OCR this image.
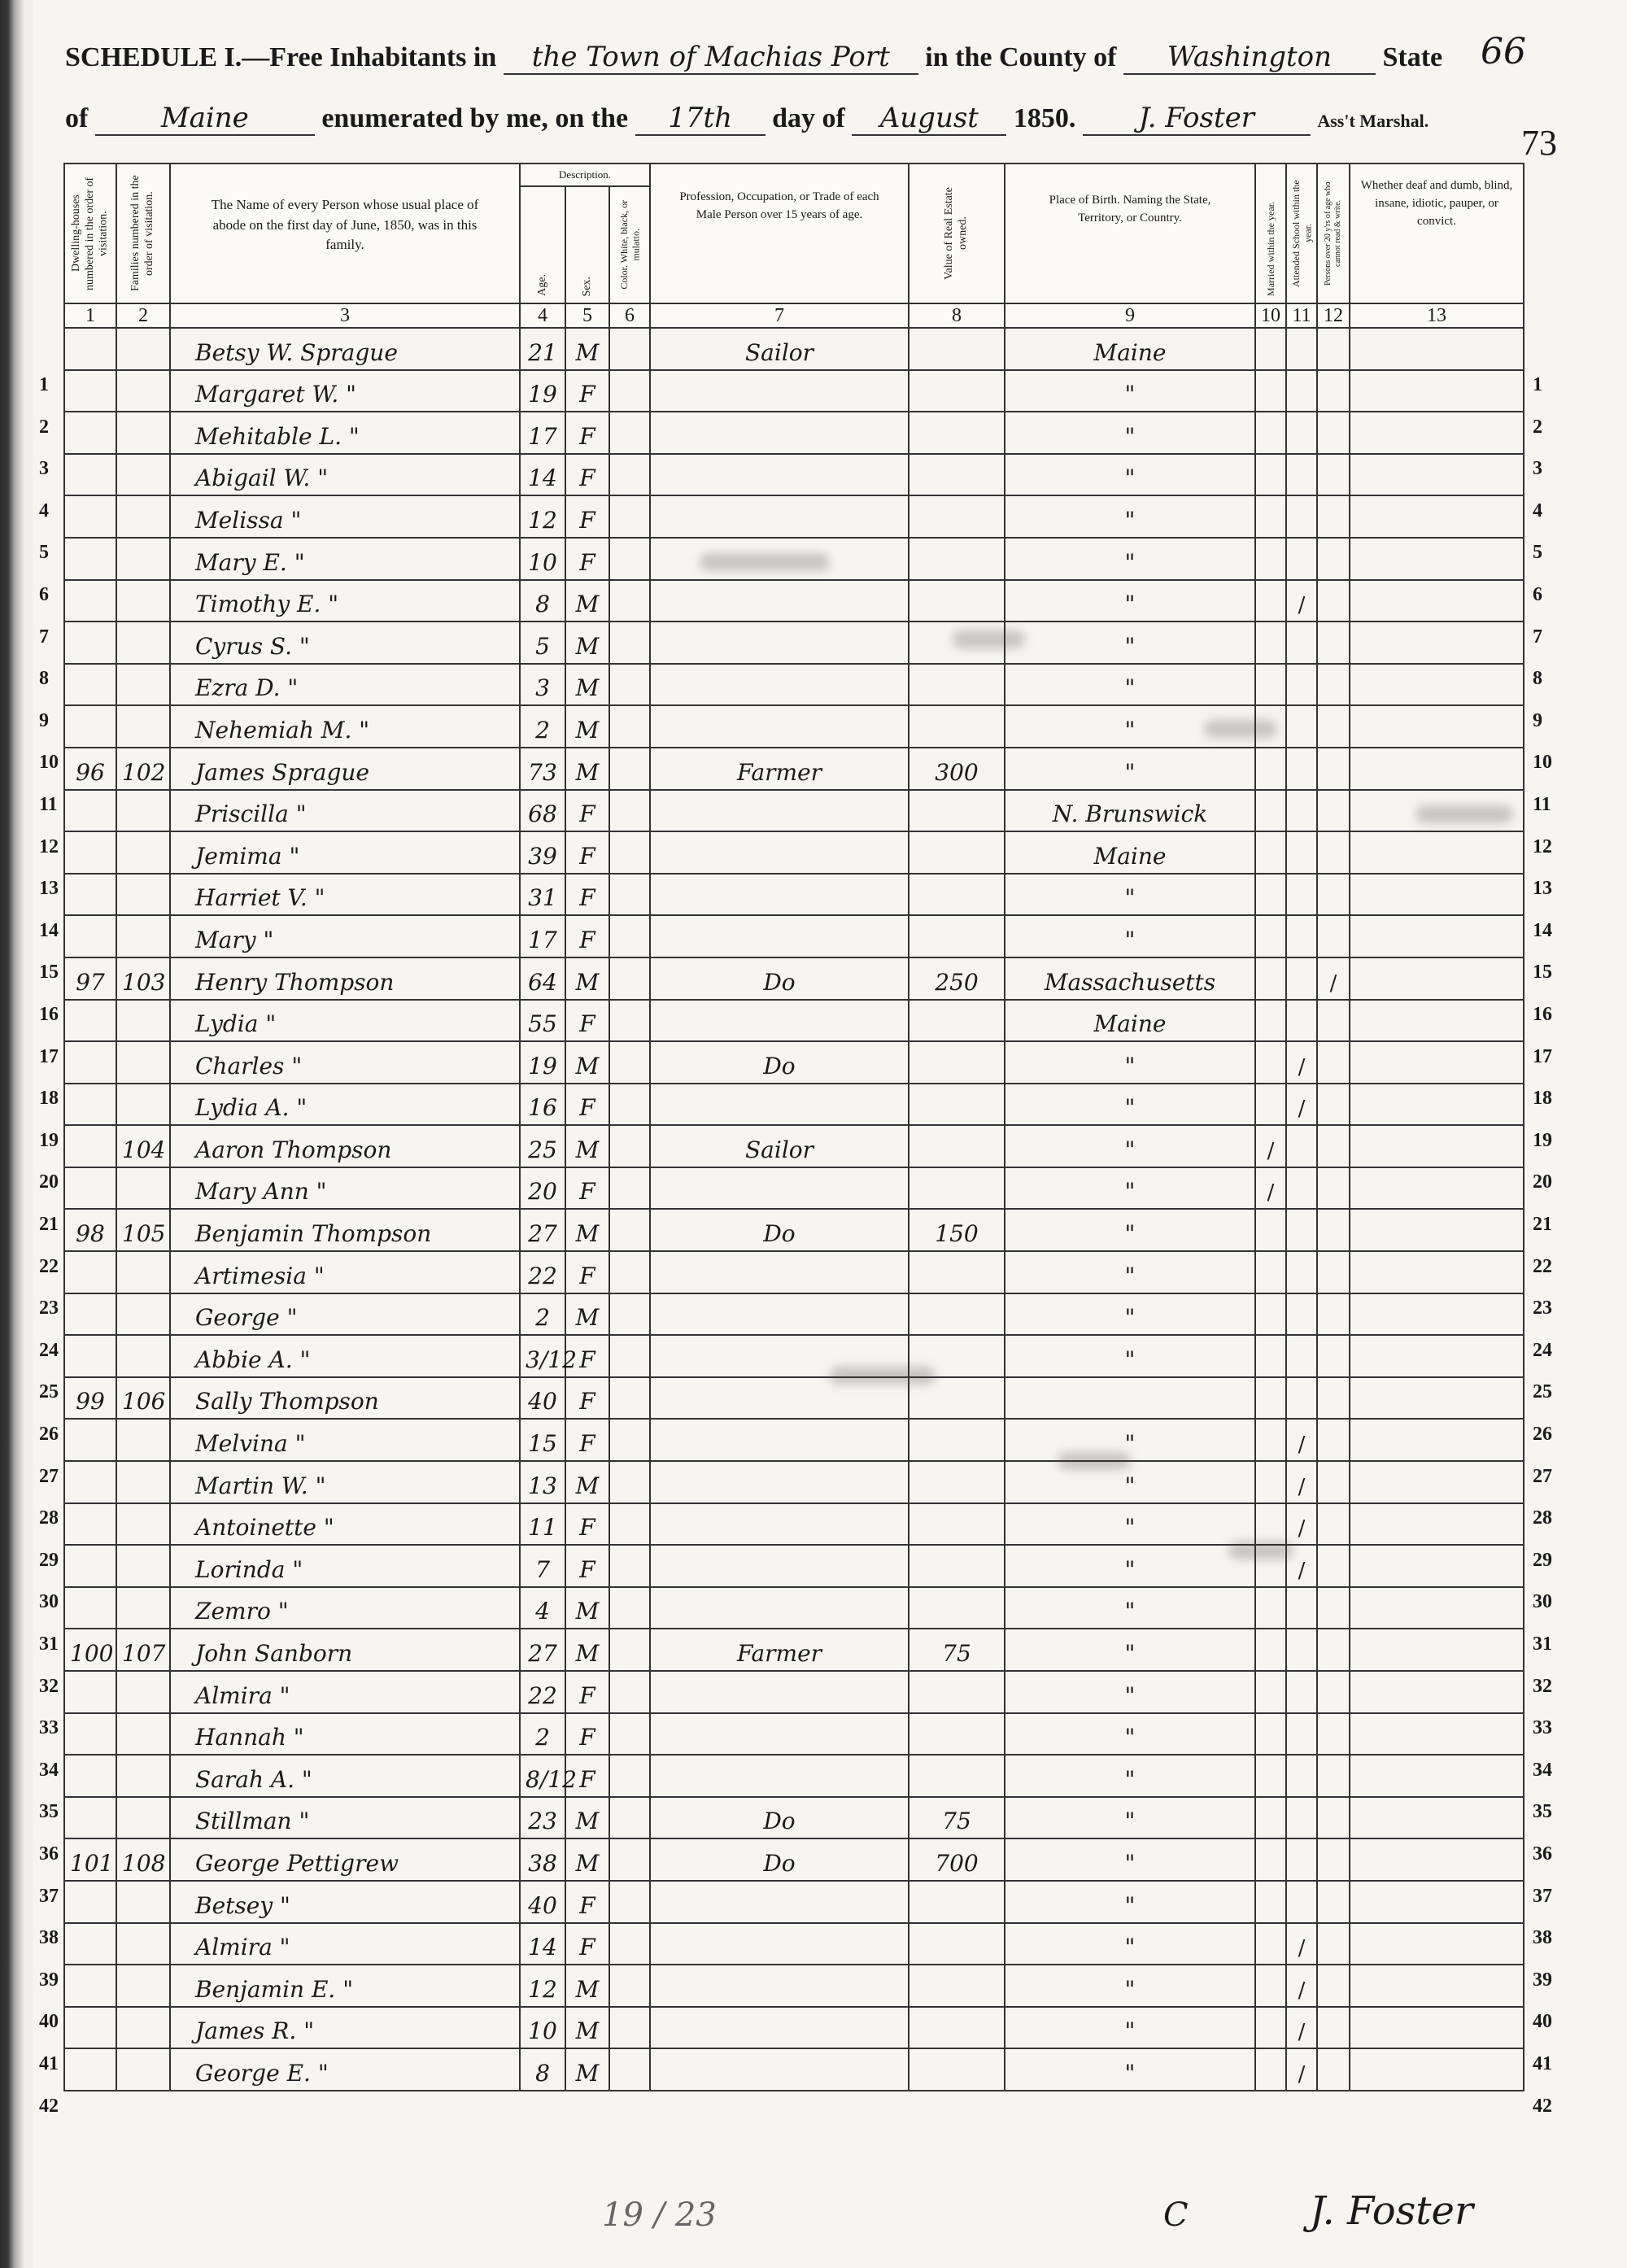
66
73
SCHEDULE I.—Free Inhabitants in the Town of Machias Port in the County of Washington State
of	Maine	enumerated by me, on the 17th day of August 1850. J. Foster	Ass't Marshal.
Dwelling-houses numbered in the order of visitation.	Families numbered in the order of visitation.	The Name of every Person whose usual place of abode on the first day of June, 1850, was in this family.	Description.			Profession, Occupation, or Trade of each Male Person over 15 years of age.	Value of Real Estate owned.	Place of Birth. Naming the State, Territory, or Country.	Married within the year.	Attended School within the year.	Persons over 20 y'rs of age who cannot read & write.	Whether deaf and dumb, blind, insane, idiotic, pauper, or convict.

			Age.	Sex.	Color. White, black, or mulatto.							

1	2	3	4	5	6	7	8	9	10	11	12	13
		Betsy W. Sprague	21	M		Sailor		Maine				
		Margaret W. "	19	F				"				
		Mehitable L. "	17	F				"				
		Abigail W. "	14	F				"				
		Melissa "	12	F				"				
		Mary E. "	10	F				"				
		Timothy E. "	8	M				"		/		
		Cyrus S. "	5	M				"				
		Ezra D. "	3	M				"				
		Nehemiah M. "	2	M				"				
96	102	James Sprague	73	M		Farmer	300	"				
		Priscilla "	68	F				N. Brunswick				
		Jemima "	39	F				Maine				
		Harriet V. "	31	F				"				
		Mary "	17	F				"				
97	103	Henry Thompson	64	M		Do	250	Massachusetts			/	
		Lydia "	55	F				Maine				
		Charles "	19	M		Do		"		/		
		Lydia A. "	16	F				"		/		
	104	Aaron Thompson	25	M		Sailor		"	/			
		Mary Ann "	20	F				"	/			
98	105	Benjamin Thompson	27	M		Do	150	"				
		Artimesia "	22	F				"				
		George "	2	M				"				
		Abbie A. "	3/12	F				"				
99	106	Sally Thompson	40	F								
		Melvina "	15	F				"		/		
		Martin W. "	13	M				"		/		
		Antoinette "	11	F				"		/		
		Lorinda "	7	F				"		/		
		Zemro "	4	M				"				
100	107	John Sanborn	27	M		Farmer	75	"				
		Almira "	22	F				"				
		Hannah "	2	F				"				
		Sarah A. "	8/12	F				"				
		Stillman "	23	M		Do	75	"				
101	108	George Pettigrew	38	M		Do	700	"				
		Betsey "	40	F				"				
		Almira "	14	F				"		/		
		Benjamin E. "	12	M				"		/		
		James R. "	10	M				"		/		
		George E. "	8	M				"		/		
1
2
3
4
5
6
7
8
9
10
11
12
13
14
15
16
17
18
19
20
21
22
23
24
25
26
27
28
29
30
31
32
33
34
35
36
37
38
39
40
41
42
1
2
3
4
5
6
7
8
9
10
11
12
13
14
15
16
17
18
19
20
21
22
23
24
25
26
27
28
29
30
31
32
33
34
35
36
37
38
39
40
41
42
19 / 23	C	J. Foster
